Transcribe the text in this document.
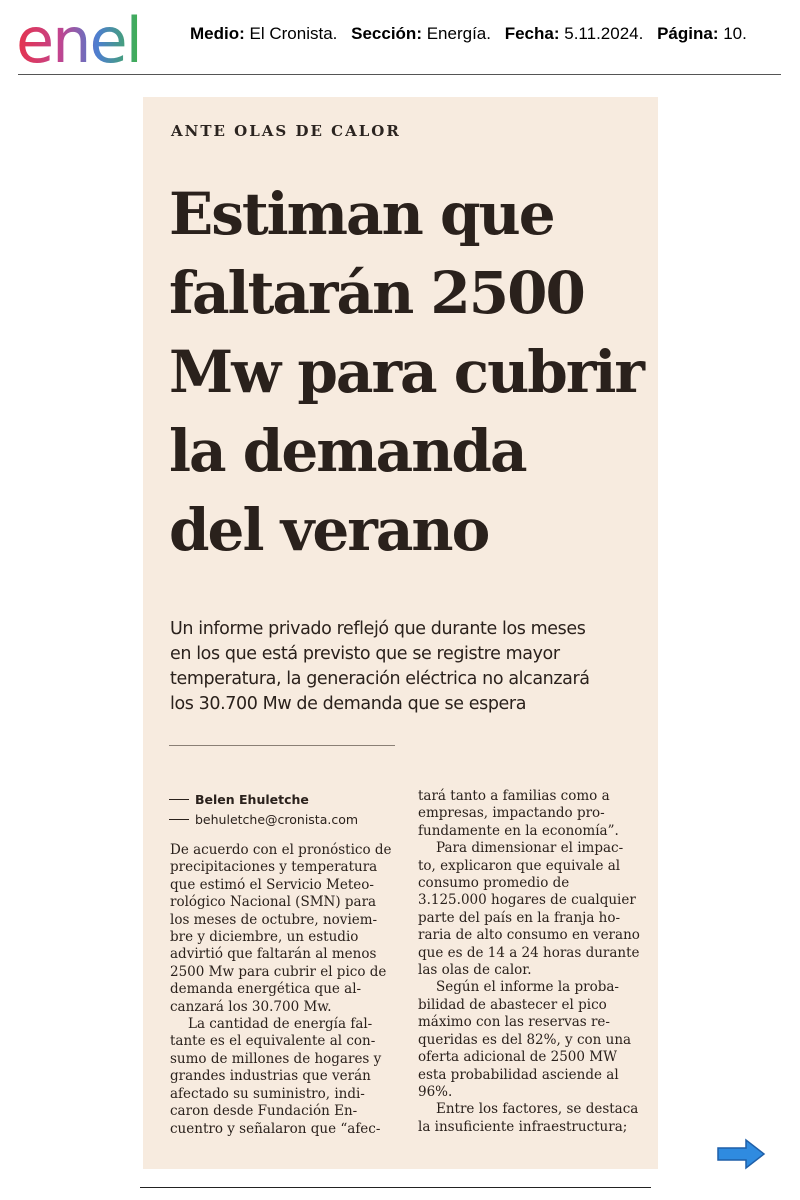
enel	Medio: El Cronista. Sección: Energía. Fecha: 5.11.2024. Página: 10.
ANTE OLAS DE CALOR
Estiman que
faltarán 2500
Mw para cubrir
la demanda
del verano
Un informe privado reflejó que durante los meses
en los que está previsto que se registre mayor
temperatura, la generación eléctrica no alcanzará
los 30.700 Mw de demanda que se espera
Belen Ehuletche
behuletche@cronista.com
De acuerdo con el pronóstico de
precipitaciones y temperatura
que estimó el Servicio Meteo-
rológico Nacional (SMN) para
los meses de octubre, noviem-
bre y diciembre, un estudio
advirtió que faltarán al menos
2500 Mw para cubrir el pico de
demanda energética que al-
canzará los 30.700 Mw.
La cantidad de energía fal-
tante es el equivalente al con-
sumo de millones de hogares y
grandes industrias que verán
afectado su suministro, indi-
caron desde Fundación En-
cuentro y señalaron que “afec-
tará tanto a familias como a
empresas, impactando pro-
fundamente en la economía”.
Para dimensionar el impac-
to, explicaron que equivale al
consumo promedio de
3.125.000 hogares de cualquier
parte del país en la franja ho-
raria de alto consumo en verano
que es de 14 a 24 horas durante
las olas de calor.
Según el informe la proba-
bilidad de abastecer el pico
máximo con las reservas re-
queridas es del 82%, y con una
oferta adicional de 2500 MW
esta probabilidad asciende al
96%.
Entre los factores, se destaca
la insuficiente infraestructura;
